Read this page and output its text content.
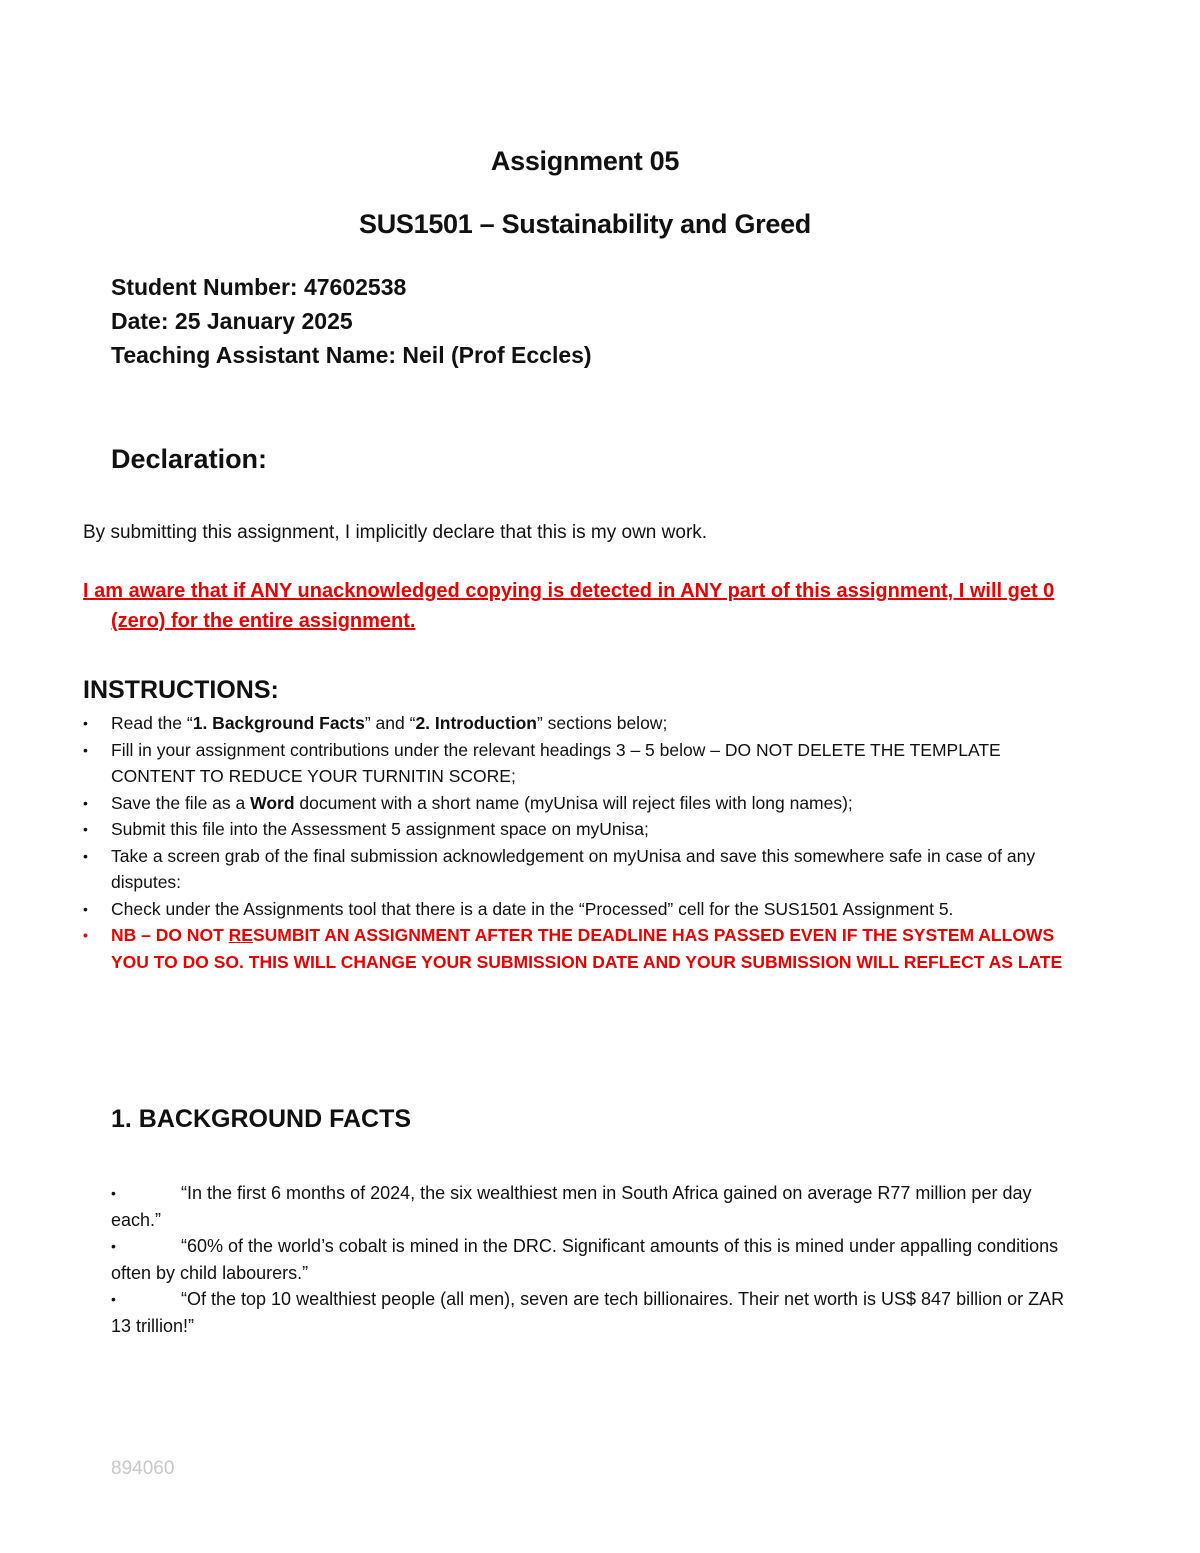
Assignment 05
SUS1501 – Sustainability and Greed
Student Number: 47602538
Date: 25 January 2025
Teaching Assistant Name: Neil (Prof Eccles)
Declaration:
By submitting this assignment, I implicitly declare that this is my own work.
I am aware that if ANY unacknowledged copying is detected in ANY part of this assignment, I will get 0 (zero) for the entire assignment.
INSTRUCTIONS:
• Read the “1. Background Facts” and “2. Introduction” sections below;
• Fill in your assignment contributions under the relevant headings 3 – 5 below – DO NOT DELETE THE TEMPLATE CONTENT TO REDUCE YOUR TURNITIN SCORE;
• Save the file as a Word document with a short name (myUnisa will reject files with long names);
• Submit this file into the Assessment 5 assignment space on myUnisa;
• Take a screen grab of the final submission acknowledgement on myUnisa and save this somewhere safe in case of any disputes:
• Check under the Assignments tool that there is a date in the “Processed” cell for the SUS1501 Assignment 5.
• NB – DO NOT RESUMBIT AN ASSIGNMENT AFTER THE DEADLINE HAS PASSED EVEN IF THE SYSTEM ALLOWS YOU TO DO SO. THIS WILL CHANGE YOUR SUBMISSION DATE AND YOUR SUBMISSION WILL REFLECT AS LATE
1. BACKGROUND FACTS
•	“In the first 6 months of 2024, the six wealthiest men in South Africa gained on average R77 million per day each.”
•	“60% of the world’s cobalt is mined in the DRC. Significant amounts of this is mined under appalling conditions often by child labourers.”
•	“Of the top 10 wealthiest people (all men), seven are tech billionaires. Their net worth is US$ 847 billion or ZAR 13 trillion!”
894060
